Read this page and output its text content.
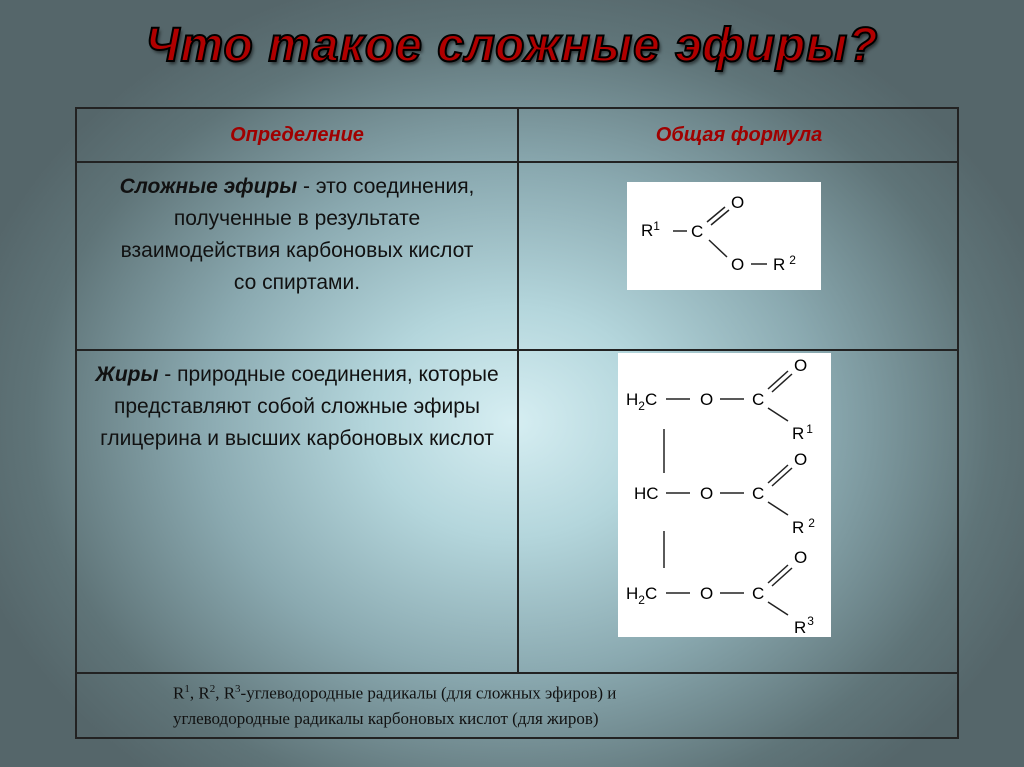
Что такое сложные эфиры?
Определение	Общая формула
Сложные эфиры - это соединения, полученные в результате взаимодействия карбоновых кислот со спиртами.
Жиры - природные соединения, которые представляют собой сложные эфиры глицерина и высших карбоновых кислот
$R^1$ C
O
O R $^2$
$H_2C$	O C
O
R $^1$
HC O C
O
R $^2$
$H_2C$	O C
O
$R^3$
$R^1$, $R^2$, $R^3$-углеводородные радикалы (для сложных эфиров) и
углеводородные радикалы карбоновых кислот (для жиров)
